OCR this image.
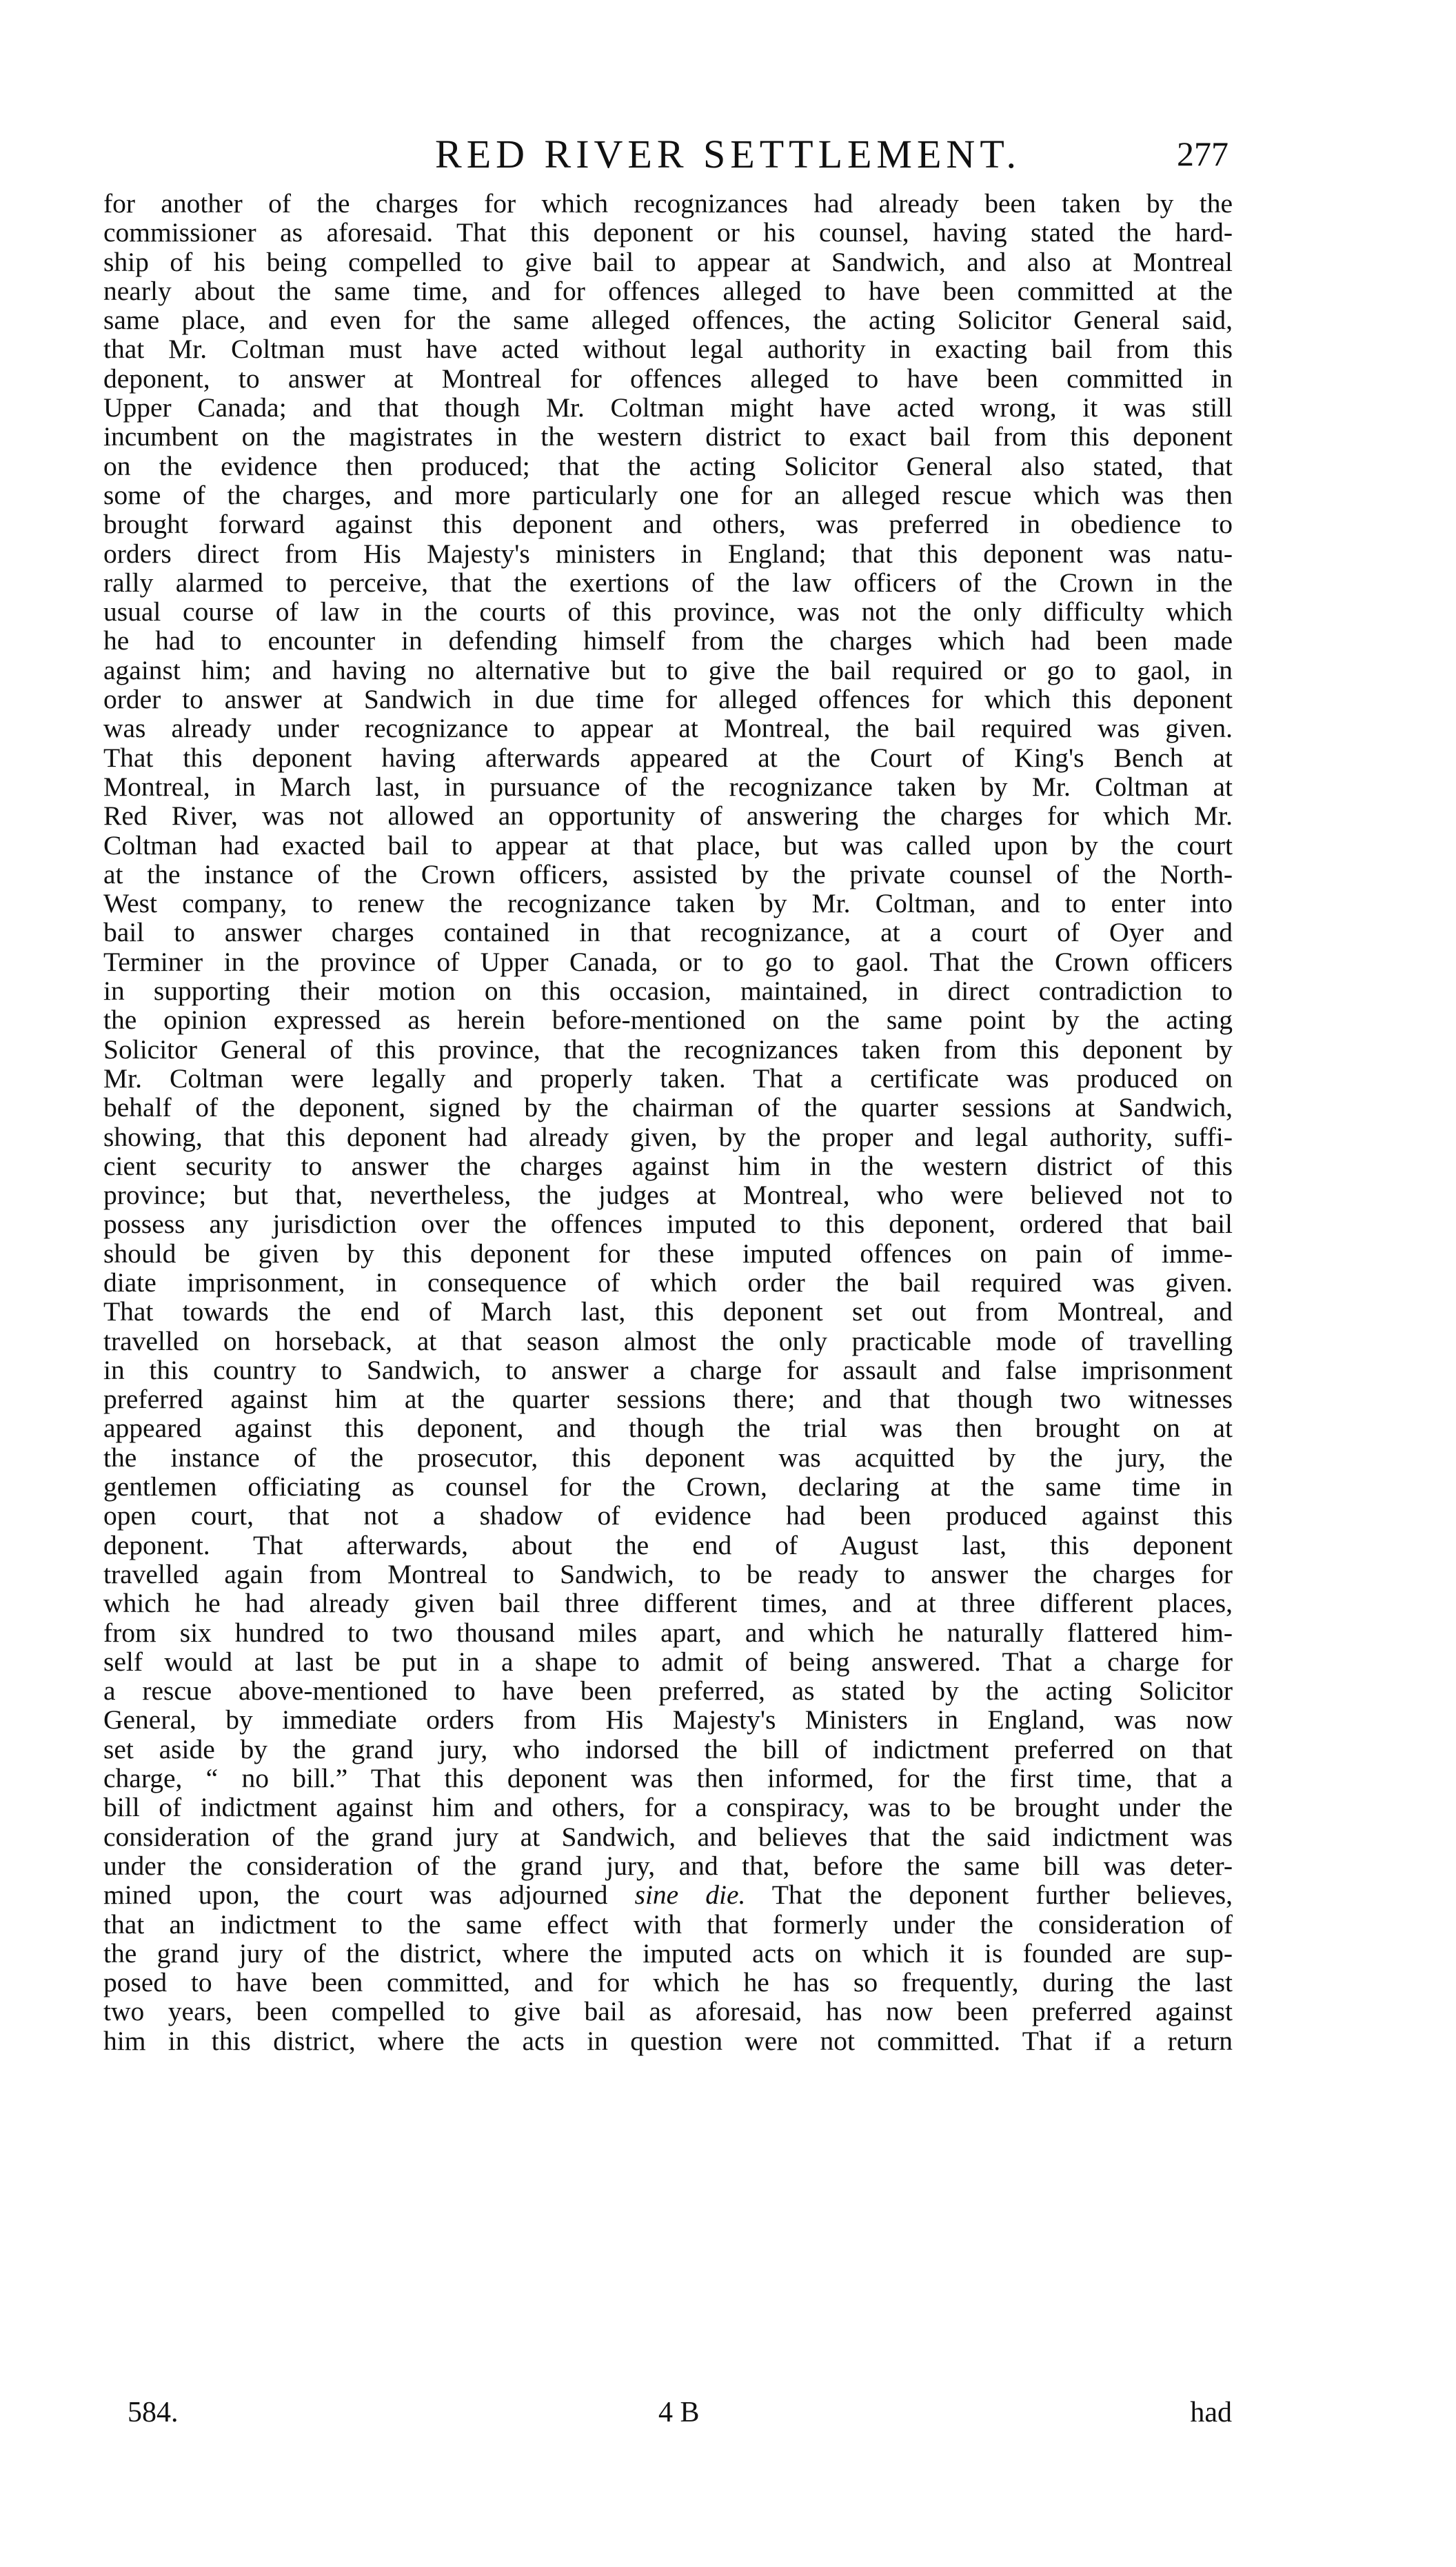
RED RIVER SETTLEMENT.	277
for another of the charges for which recognizances had already been taken by the
commissioner as aforesaid. That this deponent or his counsel, having stated the hard-
ship of his being compelled to give bail to appear at Sandwich, and also at Montreal
nearly about the same time, and for offences alleged to have been committed at the
same place, and even for the same alleged offences, the acting Solicitor General said,
that Mr. Coltman must have acted without legal authority in exacting bail from this
deponent, to answer at Montreal for offences alleged to have been committed in
Upper Canada; and that though Mr. Coltman might have acted wrong, it was still
incumbent on the magistrates in the western district to exact bail from this deponent
on the evidence then produced; that the acting Solicitor General also stated, that
some of the charges, and more particularly one for an alleged rescue which was then
brought forward against this deponent and others, was preferred in obedience to
orders direct from His Majesty's ministers in England; that this deponent was natu-
rally alarmed to perceive, that the exertions of the law officers of the Crown in the
usual course of law in the courts of this province, was not the only difficulty which
he had to encounter in defending himself from the charges which had been made
against him; and having no alternative but to give the bail required or go to gaol, in
order to answer at Sandwich in due time for alleged offences for which this deponent
was already under recognizance to appear at Montreal, the bail required was given.
That this deponent having afterwards appeared at the Court of King's Bench at
Montreal, in March last, in pursuance of the recognizance taken by Mr. Coltman at
Red River, was not allowed an opportunity of answering the charges for which Mr.
Coltman had exacted bail to appear at that place, but was called upon by the court
at the instance of the Crown officers, assisted by the private counsel of the North-
West company, to renew the recognizance taken by Mr. Coltman, and to enter into
bail to answer charges contained in that recognizance, at a court of Oyer and
Terminer in the province of Upper Canada, or to go to gaol. That the Crown officers
in supporting their motion on this occasion, maintained, in direct contradiction to
the opinion expressed as herein before-mentioned on the same point by the acting
Solicitor General of this province, that the recognizances taken from this deponent by
Mr. Coltman were legally and properly taken. That a certificate was produced on
behalf of the deponent, signed by the chairman of the quarter sessions at Sandwich,
showing, that this deponent had already given, by the proper and legal authority, suffi-
cient security to answer the charges against him in the western district of this
province; but that, nevertheless, the judges at Montreal, who were believed not to
possess any jurisdiction over the offences imputed to this deponent, ordered that bail
should be given by this deponent for these imputed offences on pain of imme-
diate imprisonment, in consequence of which order the bail required was given.
That towards the end of March last, this deponent set out from Montreal, and
travelled on horseback, at that season almost the only practicable mode of travelling
in this country to Sandwich, to answer a charge for assault and false imprisonment
preferred against him at the quarter sessions there; and that though two witnesses
appeared against this deponent, and though the trial was then brought on at
the instance of the prosecutor, this deponent was acquitted by the jury, the
gentlemen officiating as counsel for the Crown, declaring at the same time in
open court, that not a shadow of evidence had been produced against this
deponent. That afterwards, about the end of August last, this deponent
travelled again from Montreal to Sandwich, to be ready to answer the charges for
which he had already given bail three different times, and at three different places,
from six hundred to two thousand miles apart, and which he naturally flattered him-
self would at last be put in a shape to admit of being answered. That a charge for
a rescue above-mentioned to have been preferred, as stated by the acting Solicitor
General, by immediate orders from His Majesty's Ministers in England, was now
set aside by the grand jury, who indorsed the bill of indictment preferred on that
charge, “ no bill.” That this deponent was then informed, for the first time, that a
bill of indictment against him and others, for a conspiracy, was to be brought under the
consideration of the grand jury at Sandwich, and believes that the said indictment was
under the consideration of the grand jury, and that, before the same bill was deter-
mined upon, the court was adjourned sine die. That the deponent further believes,
that an indictment to the same effect with that formerly under the consideration of
the grand jury of the district, where the imputed acts on which it is founded are sup-
posed to have been committed, and for which he has so frequently, during the last
two years, been compelled to give bail as aforesaid, has now been preferred against
him in this district, where the acts in question were not committed. That if a return
584.	4 B	had
